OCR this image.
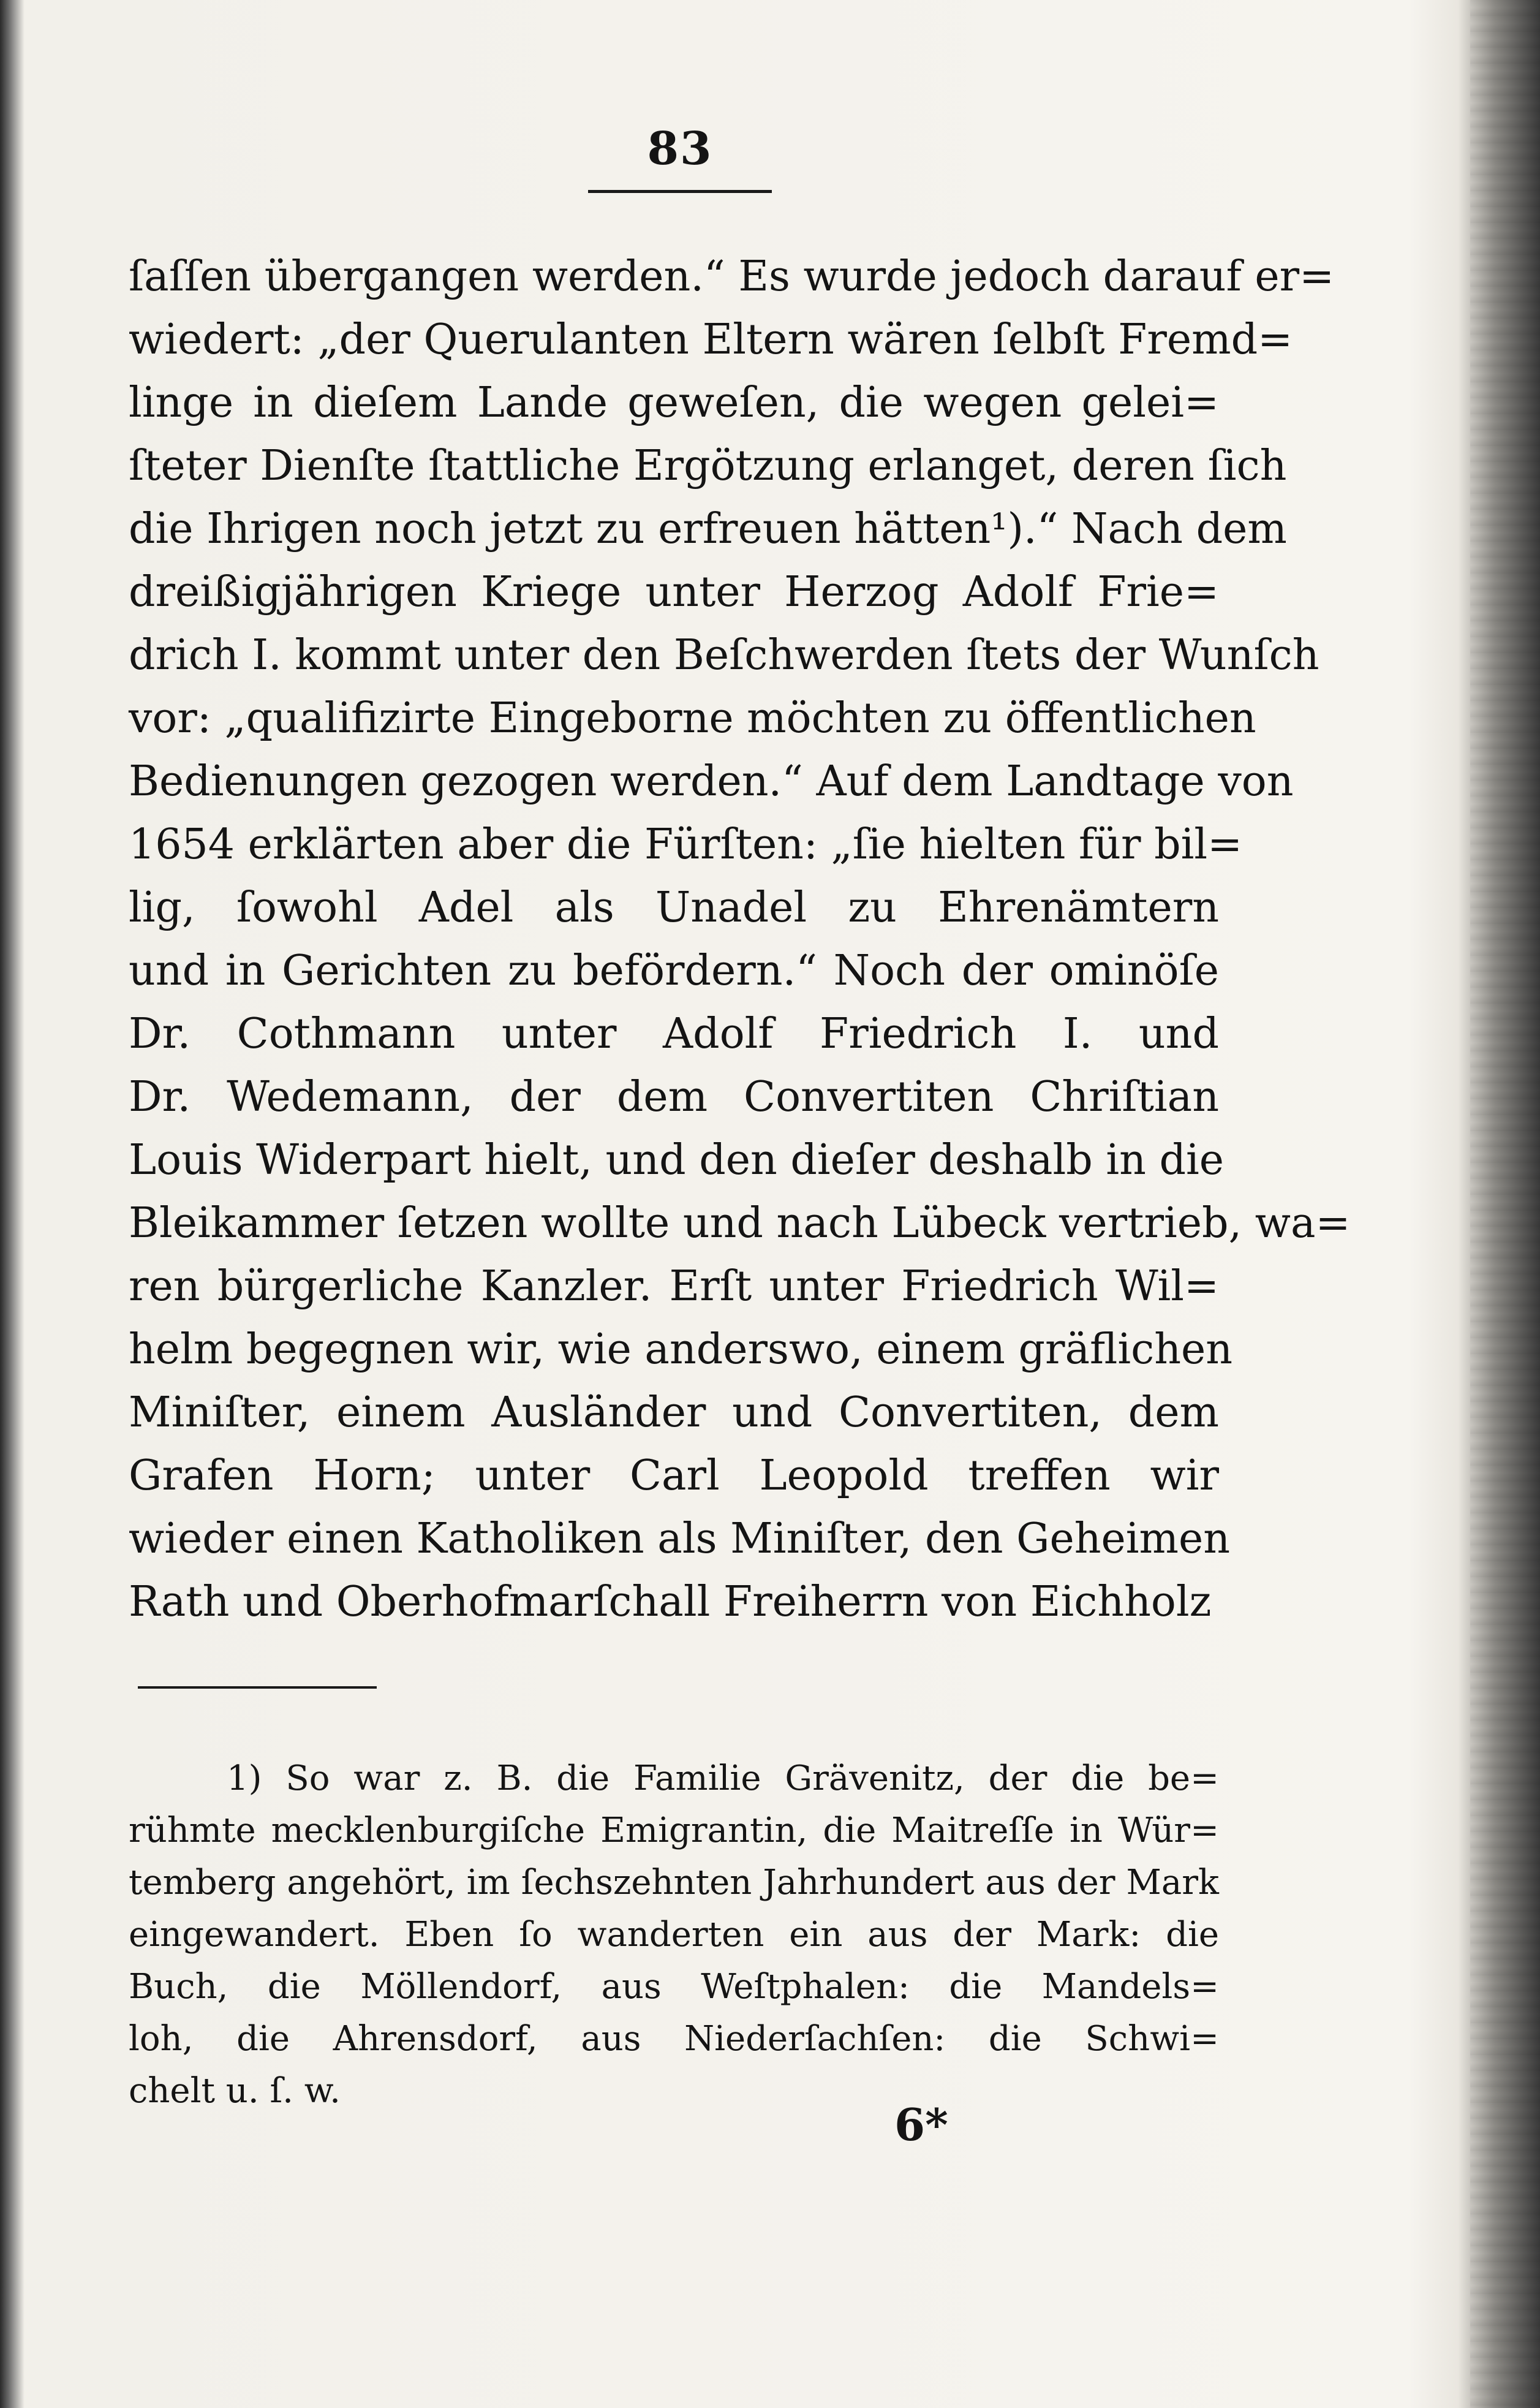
83
ſaſſen übergangen werden.“ Es wurde jedoch darauf er=
wiedert: „der Querulanten Eltern wären ſelbſt Fremd=
linge in dieſem Lande geweſen, die wegen gelei=
ſteter Dienſte ſtattliche Ergötzung erlanget, deren ſich
die Ihrigen noch jetzt zu erfreuen hätten¹).“ Nach dem
dreißigjährigen Kriege unter Herzog Adolf Frie=
drich I. kommt unter den Beſchwerden ſtets der Wunſch
vor: „qualifizirte Eingeborne möchten zu öffentlichen
Bedienungen gezogen werden.“ Auf dem Landtage von
1654 erklärten aber die Fürſten: „ſie hielten für bil=
lig, ſowohl Adel als Unadel zu Ehrenämtern
und in Gerichten zu befördern.“ Noch der ominöſe
Dr. Cothmann unter Adolf Friedrich I. und
Dr. Wedemann, der dem Convertiten Chriſtian
Louis Widerpart hielt, und den dieſer deshalb in die
Bleikammer ſetzen wollte und nach Lübeck vertrieb, wa=
ren bürgerliche Kanzler. Erſt unter Friedrich Wil=
helm begegnen wir, wie anderswo, einem gräflichen
Miniſter, einem Ausländer und Convertiten, dem
Grafen Horn; unter Carl Leopold treffen wir
wieder einen Katholiken als Miniſter, den Geheimen
Rath und Oberhofmarſchall Freiherrn von Eichholz
1) So war z. B. die Familie Grävenitz, der die be=
rühmte mecklenburgiſche Emigrantin, die Maitreſſe in Wür=
temberg angehört, im ſechszehnten Jahrhundert aus der Mark
eingewandert. Eben ſo wanderten ein aus der Mark: die
Buch, die Möllendorf, aus Weſtphalen: die Mandels=
loh, die Ahrensdorf, aus Niederſachſen: die Schwi=
chelt u. ſ. w.
6*
